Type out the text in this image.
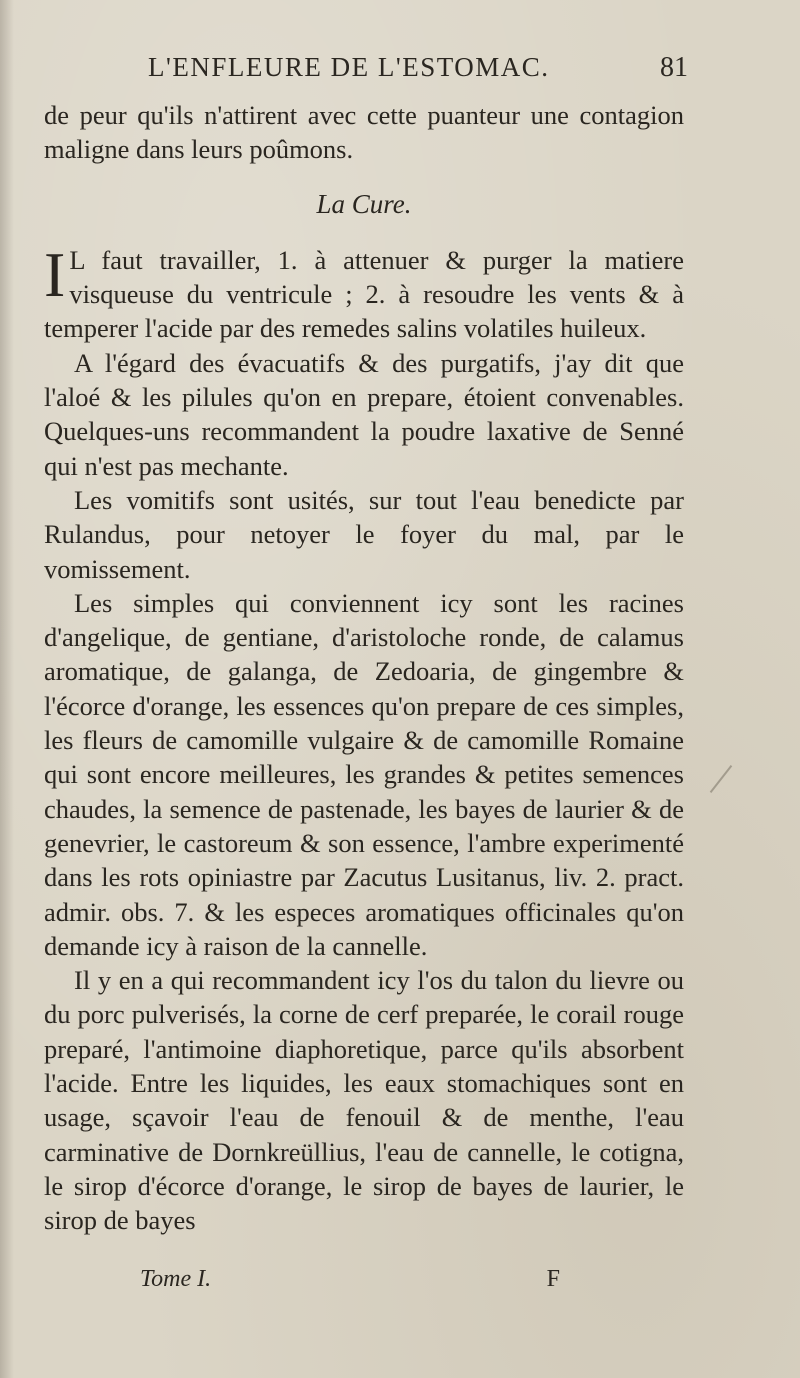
L'ENFLEURE DE L'ESTOMAC.	81

de peur qu'ils n'attirent avec cette puanteur une contagion maligne dans leurs poûmons.

La Cure.

IL faut travailler, 1. à attenuer & purger la matiere visqueuse du ventricule ; 2. à resoudre les vents & à temperer l'acide par des remedes salins volatiles huileux.

A l'égard des évacuatifs & des purgatifs, j'ay dit que l'aloé & les pilules qu'on en prepare, étoient convenables. Quelques-uns recommandent la poudre laxative de Senné qui n'est pas mechante.

Les vomitifs sont usités, sur tout l'eau benedicte par Rulandus, pour netoyer le foyer du mal, par le vomissement.

Les simples qui conviennent icy sont les racines d'angelique, de gentiane, d'aristoloche ronde, de calamus aromatique, de galanga, de Zedoaria, de gingembre & l'écorce d'orange, les essences qu'on prepare de ces simples, les fleurs de camomille vulgaire & de camomille Romaine qui sont encore meilleures, les grandes & petites semences chaudes, la semence de pastenade, les bayes de laurier & de genevrier, le castoreum & son essence, l'ambre experimenté dans les rots opiniastre par Zacutus Lusitanus, liv. 2. pract. admir. obs. 7. & les especes aromatiques officinales qu'on demande icy à raison de la cannelle.

Il y en a qui recommandent icy l'os du talon du lievre ou du porc pulverisés, la corne de cerf preparée, le corail rouge preparé, l'antimoine diaphoretique, parce qu'ils absorbent l'acide. Entre les liquides, les eaux stomachiques sont en usage, sçavoir l'eau de fenouil & de menthe, l'eau carminative de Dornkreüllius, l'eau de cannelle, le cotigna, le sirop d'écorce d'orange, le sirop de bayes de laurier, le sirop de bayes

Tome I.	F
